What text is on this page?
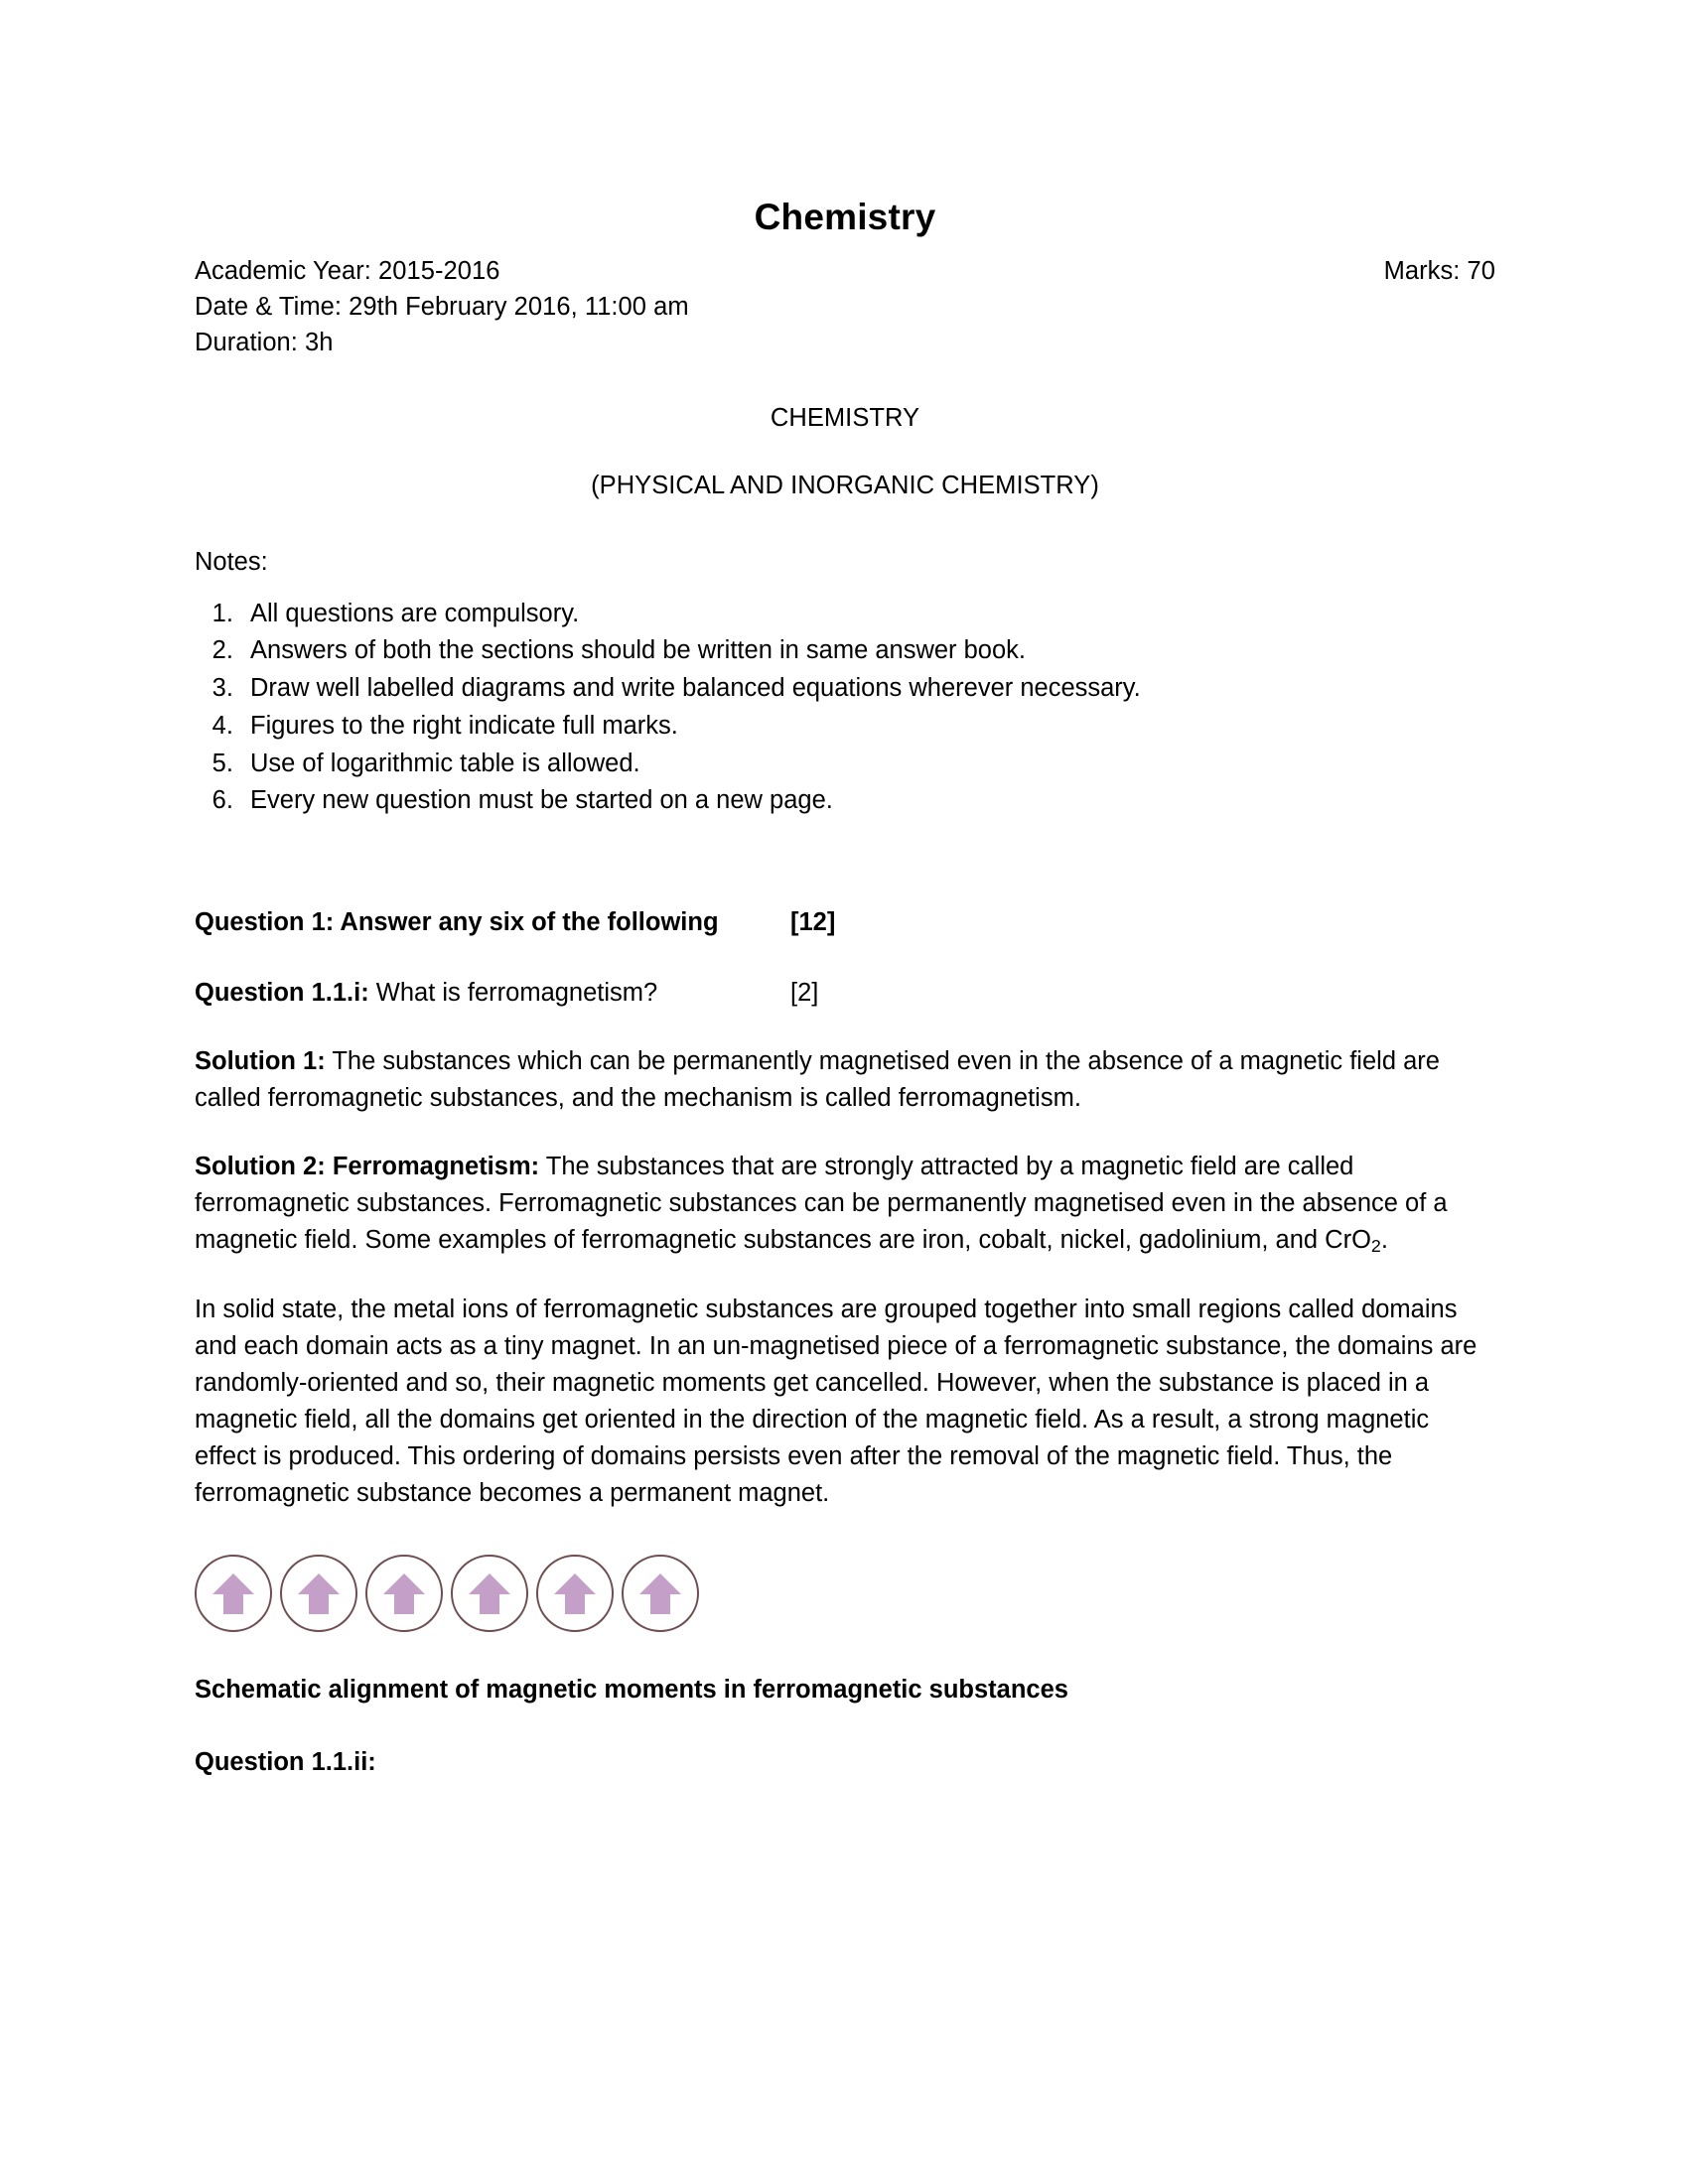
Chemistry
Academic Year: 2015-2016	Marks: 70
Date & Time: 29th February 2016, 11:00 am
Duration: 3h
CHEMISTRY
(PHYSICAL AND INORGANIC CHEMISTRY)
Notes:
1. All questions are compulsory.
2. Answers of both the sections should be written in same answer book.
3. Draw well labelled diagrams and write balanced equations wherever necessary.
4. Figures to the right indicate full marks.
5. Use of logarithmic table is allowed.
6. Every new question must be started on a new page.
Question 1: Answer any six of the following	[12]
Question 1.1.i: What is ferromagnetism?	[2]

Solution 1: The substances which can be permanently magnetised even in the absence of a magnetic field are called ferromagnetic substances, and the mechanism is called ferromagnetism.

Solution 2: Ferromagnetism: The substances that are strongly attracted by a magnetic field are called ferromagnetic substances. Ferromagnetic substances can be permanently magnetised even in the absence of a magnetic field. Some examples of ferromagnetic substances are iron, cobalt, nickel, gadolinium, and CrO$_2$.

In solid state, the metal ions of ferromagnetic substances are grouped together into small regions called domains and each domain acts as a tiny magnet. In an un-magnetised piece of a ferromagnetic substance, the domains are randomly-oriented and so, their magnetic moments get cancelled. However, when the substance is placed in a magnetic field, all the domains get oriented in the direction of the magnetic field. As a result, a strong magnetic effect is produced. This ordering of domains persists even after the removal of the magnetic field. Thus, the ferromagnetic substance becomes a permanent magnet.

Schematic alignment of magnetic moments in ferromagnetic substances
Question 1.1.ii:
